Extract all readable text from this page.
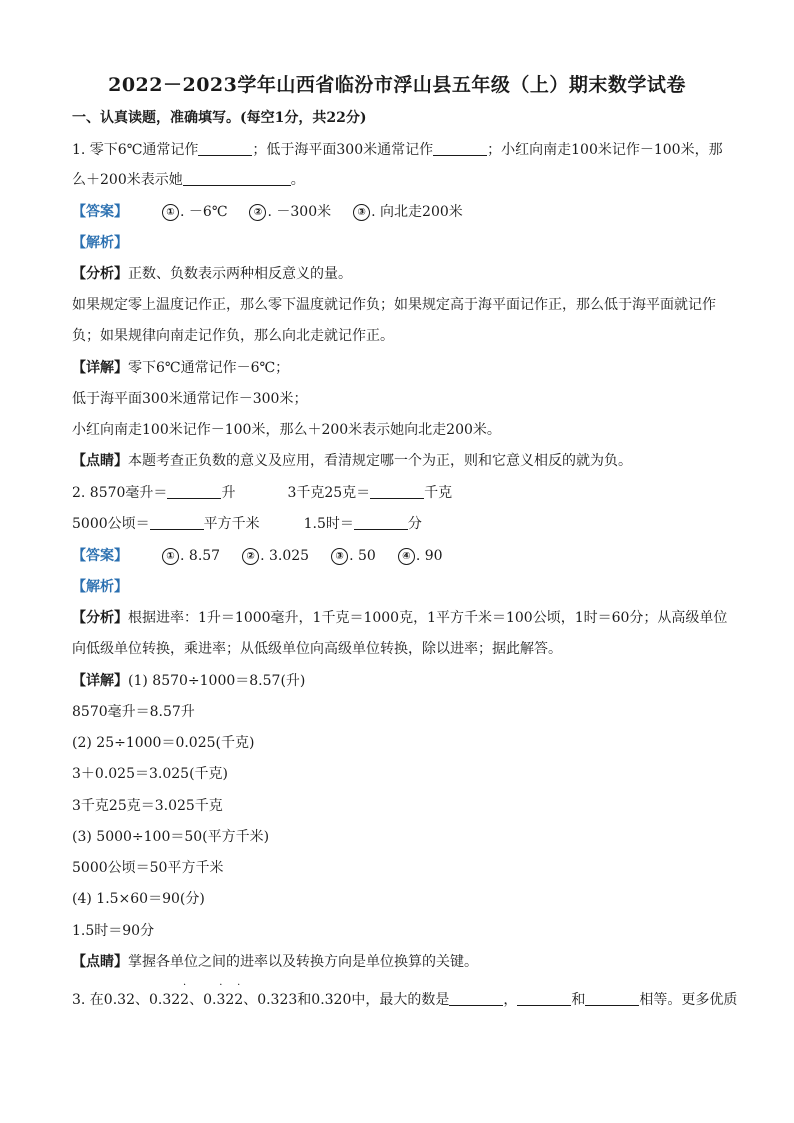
2022－2023学年山西省临汾市浮山县五年级（上）期末数学试卷
一、认真读题，准确填写。(每空1分，共22分)
1. 零下6℃通常记作	；低于海平面300米通常记作	；小红向南走100米记作－100米，那
么＋200米表示她	。
【答案】	① . －6℃	② . －300米	③ . 向北走200米
【解析】
【分析】正数、负数表示两种相反意义的量。
如果规定零上温度记作正，那么零下温度就记作负；如果规定高于海平面记作正，那么低于海平面就记作
负；如果规律向南走记作负，那么向北走就记作正。
【详解】零下6℃通常记作－6℃；
低于海平面300米通常记作－300米；
小红向南走100米记作－100米，那么＋200米表示她向北走200米。
【点睛】本题考查正负数的意义及应用，看清规定哪一个为正，则和它意义相反的就为负。
2. 8570毫升＝	升	3千克25克＝	千克
5000公顷＝	平方千米	1.5时＝	分
【答案】	① . 8.57	② . 3.025	③ . 50	④ . 90
【解析】
【分析】根据进率：1升＝1000毫升，1千克＝1000克，1平方千米＝100公顷，1时＝60分；从高级单位
向低级单位转换，乘进率；从低级单位向高级单位转换，除以进率；据此解答。
【详解】(1) 8570÷1000＝8.57(升)
8570毫升＝8.57升
(2) 25÷1000＝0.025(千克)
3＋0.025＝3.025(千克)
3千克25克＝3.025千克
(3) 5000÷100＝50(平方千米)
5000公顷＝50平方千米
(4) 1.5×60＝90(分)
1.5时＝90分
【点睛】掌握各单位之间的进率以及转换方向是单位换算的关键。
3. 在0.32、0.32
·
2、0.
·
32
·
2、0.323和0.320中，最大的数是	，	和	相等。更多优质
